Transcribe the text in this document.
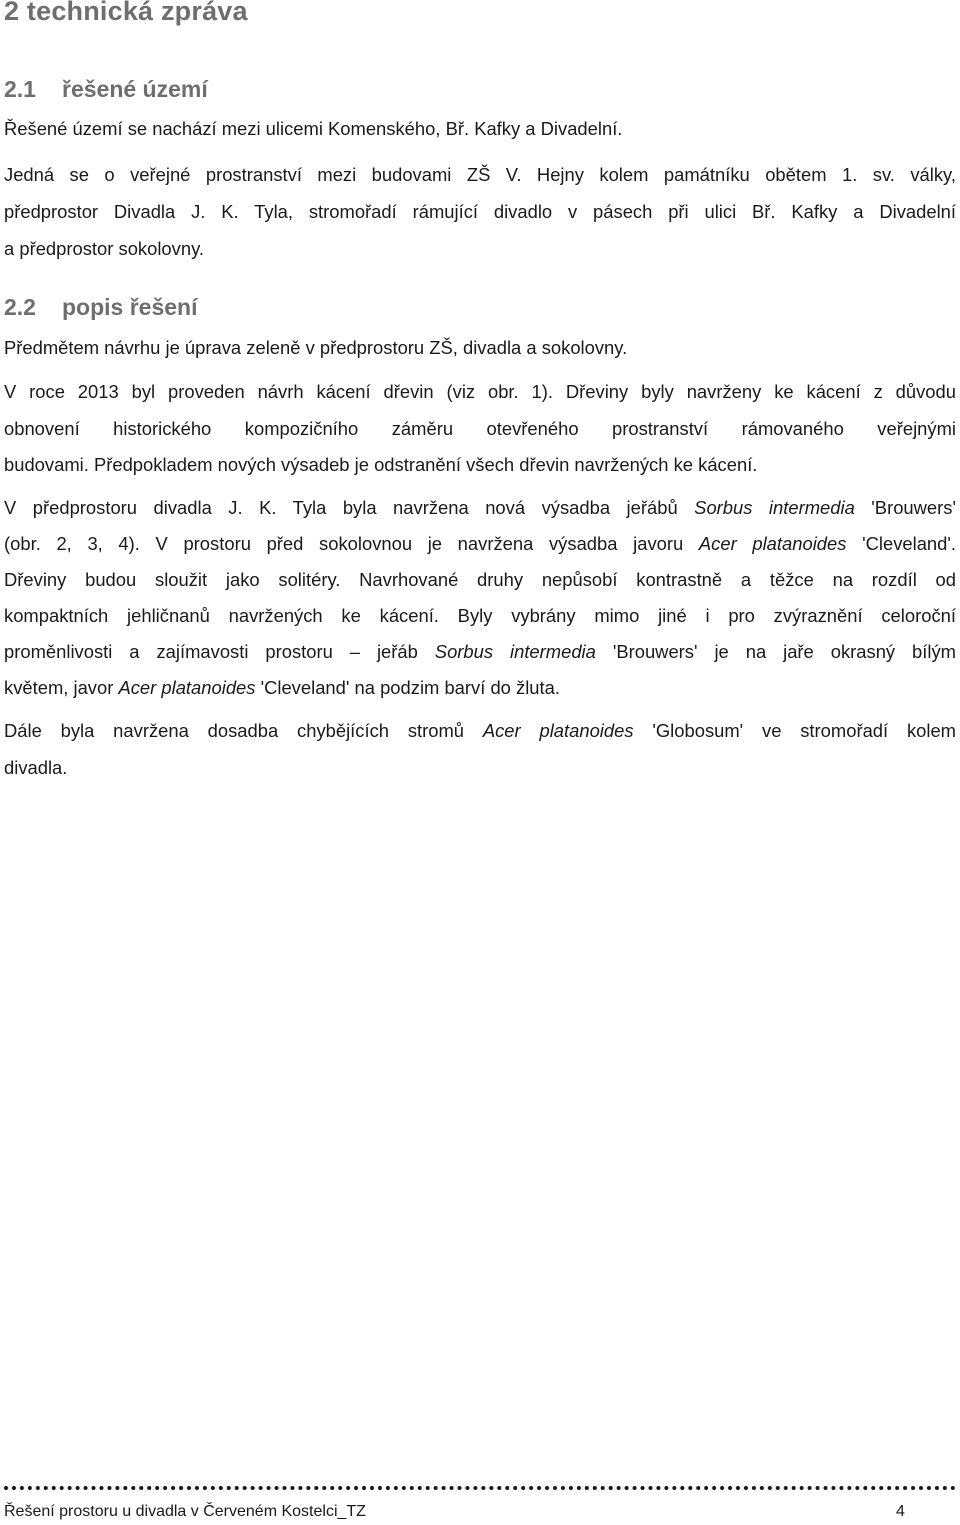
2 technická zpráva
2.1 řešené území

Řešené území se nachází mezi ulicemi Komenského, Bř. Kafky a Divadelní.

Jedná se o veřejné prostranství mezi budovami ZŠ V. Hejny kolem památníku obětem 1. sv. války,

předprostor Divadla J. K. Tyla, stromořadí rámující divadlo v pásech při ulici Bř. Kafky a Divadelní

a předprostor sokolovny.

2.2 popis řešení

Předmětem návrhu je úprava zeleně v předprostoru ZŠ, divadla a sokolovny.

V roce 2013 byl proveden návrh kácení dřevin (viz obr. 1). Dřeviny byly navrženy ke kácení z důvodu

obnovení historického kompozičního záměru otevřeného prostranství rámovaného veřejnými

budovami. Předpokladem nových výsadeb je odstranění všech dřevin navržených ke kácení.

V předprostoru divadla J. K. Tyla byla navržena nová výsadba jeřábů Sorbus intermedia 'Brouwers'

(obr. 2, 3, 4). V prostoru před sokolovnou je navržena výsadba javoru Acer platanoides 'Cleveland'.

Dřeviny budou sloužit jako solitéry. Navrhované druhy nepůsobí kontrastně a těžce na rozdíl od

kompaktních jehličnanů navržených ke kácení. Byly vybrány mimo jiné i pro zvýraznění celoroční

proměnlivosti a zajímavosti prostoru – jeřáb Sorbus intermedia 'Brouwers' je na jaře okrasný bílým

květem, javor Acer platanoides 'Cleveland' na podzim barví do žluta.

Dále byla navržena dosadba chybějících stromů Acer platanoides 'Globosum' ve stromořadí kolem

divadla.

Řešení prostoru u divadla v Červeném Kostelci_TZ	4
